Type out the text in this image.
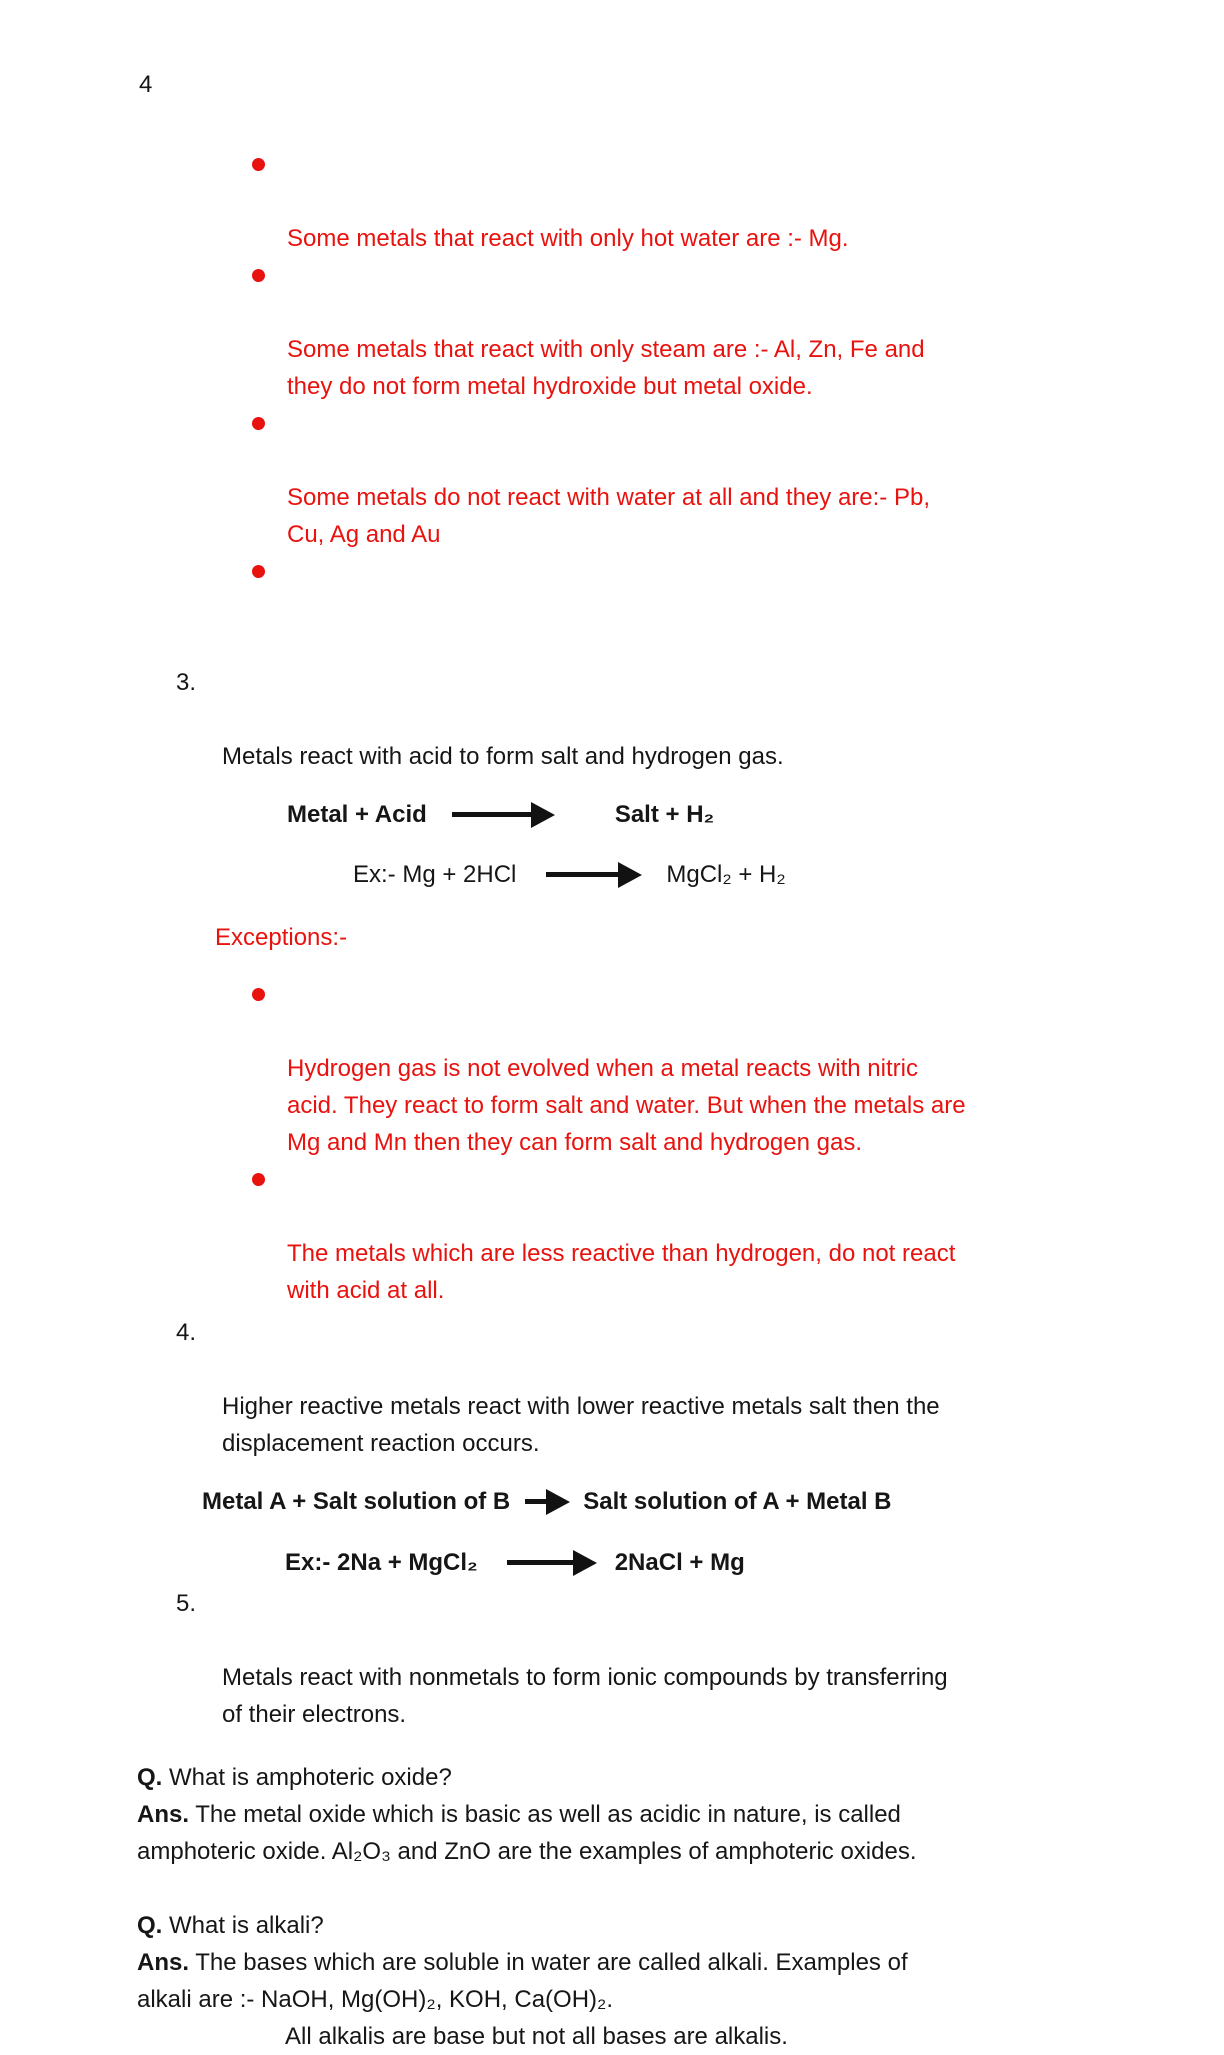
4

Some metals that react with only hot water are :- Mg.

Some metals that react with only steam are :- Al, Zn, Fe and
they do not form metal hydroxide but metal oxide.

Some metals do not react with water at all and they are:- Pb,
Cu, Ag and Au

3.

Metals react with acid to form salt and hydrogen gas.

Metal + Acid	Salt + H₂
Ex:- Mg + 2HCl	MgCl₂ + H₂
Exceptions:-

Hydrogen gas is not evolved when a metal reacts with nitric
acid. They react to form salt and water. But when the metals are
Mg and Mn then they can form salt and hydrogen gas.

The metals which are less reactive than hydrogen, do not react
with acid at all.

4.

Higher reactive metals react with lower reactive metals salt then the
displacement reaction occurs.

Metal A + Salt solution of B	Salt solution of A + Metal B
Ex:- 2Na + MgCl₂	2NaCl + Mg

5.

Metals react with nonmetals to form ionic compounds by transferring
of their electrons.

Q. What is amphoteric oxide?
Ans. The metal oxide which is basic as well as acidic in nature, is called
amphoteric oxide. Al₂O₃ and ZnO are the examples of amphoteric oxides.
Q. What is alkali?
Ans. The bases which are soluble in water are called alkali. Examples of
alkali are :- NaOH, Mg(OH)₂, KOH, Ca(OH)₂.
All alkalis are base but not all bases are alkalis.
